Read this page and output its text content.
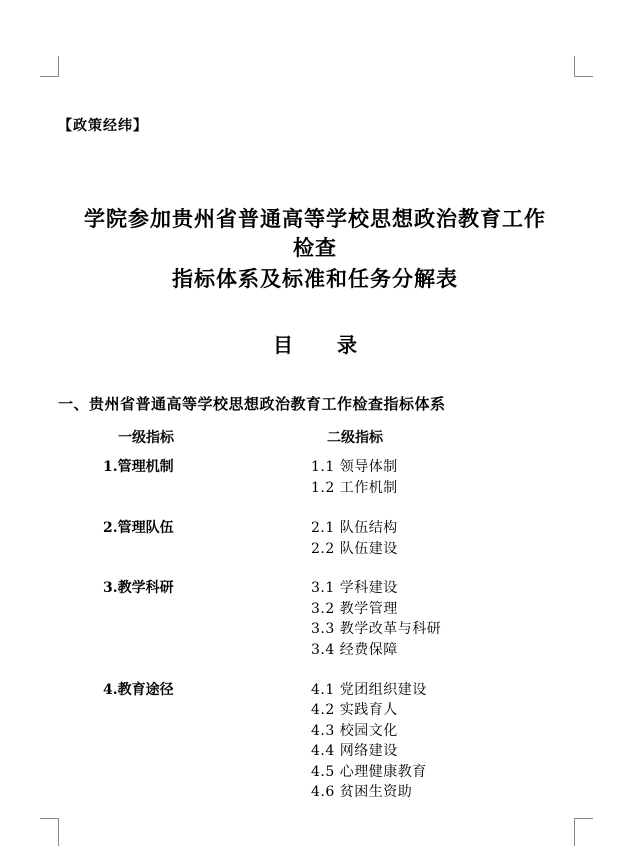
【政策经纬】
学院参加贵州省普通高等学校思想政治教育工作
检查
指标体系及标准和任务分解表
目 录
一、贵州省普通高等学校思想政治教育工作检查指标体系
一级指标	二级指标
1.管理机制	1.1 领导体制
1.2 工作机制
2.管理队伍	2.1 队伍结构
2.2 队伍建设
3.教学科研	3.1 学科建设
3.2 教学管理
3.3 教学改革与科研
3.4 经费保障
4.教育途径	4.1 党团组织建设
4.2 实践育人
4.3 校园文化
4.4 网络建设
4.5 心理健康教育
4.6 贫困生资助
